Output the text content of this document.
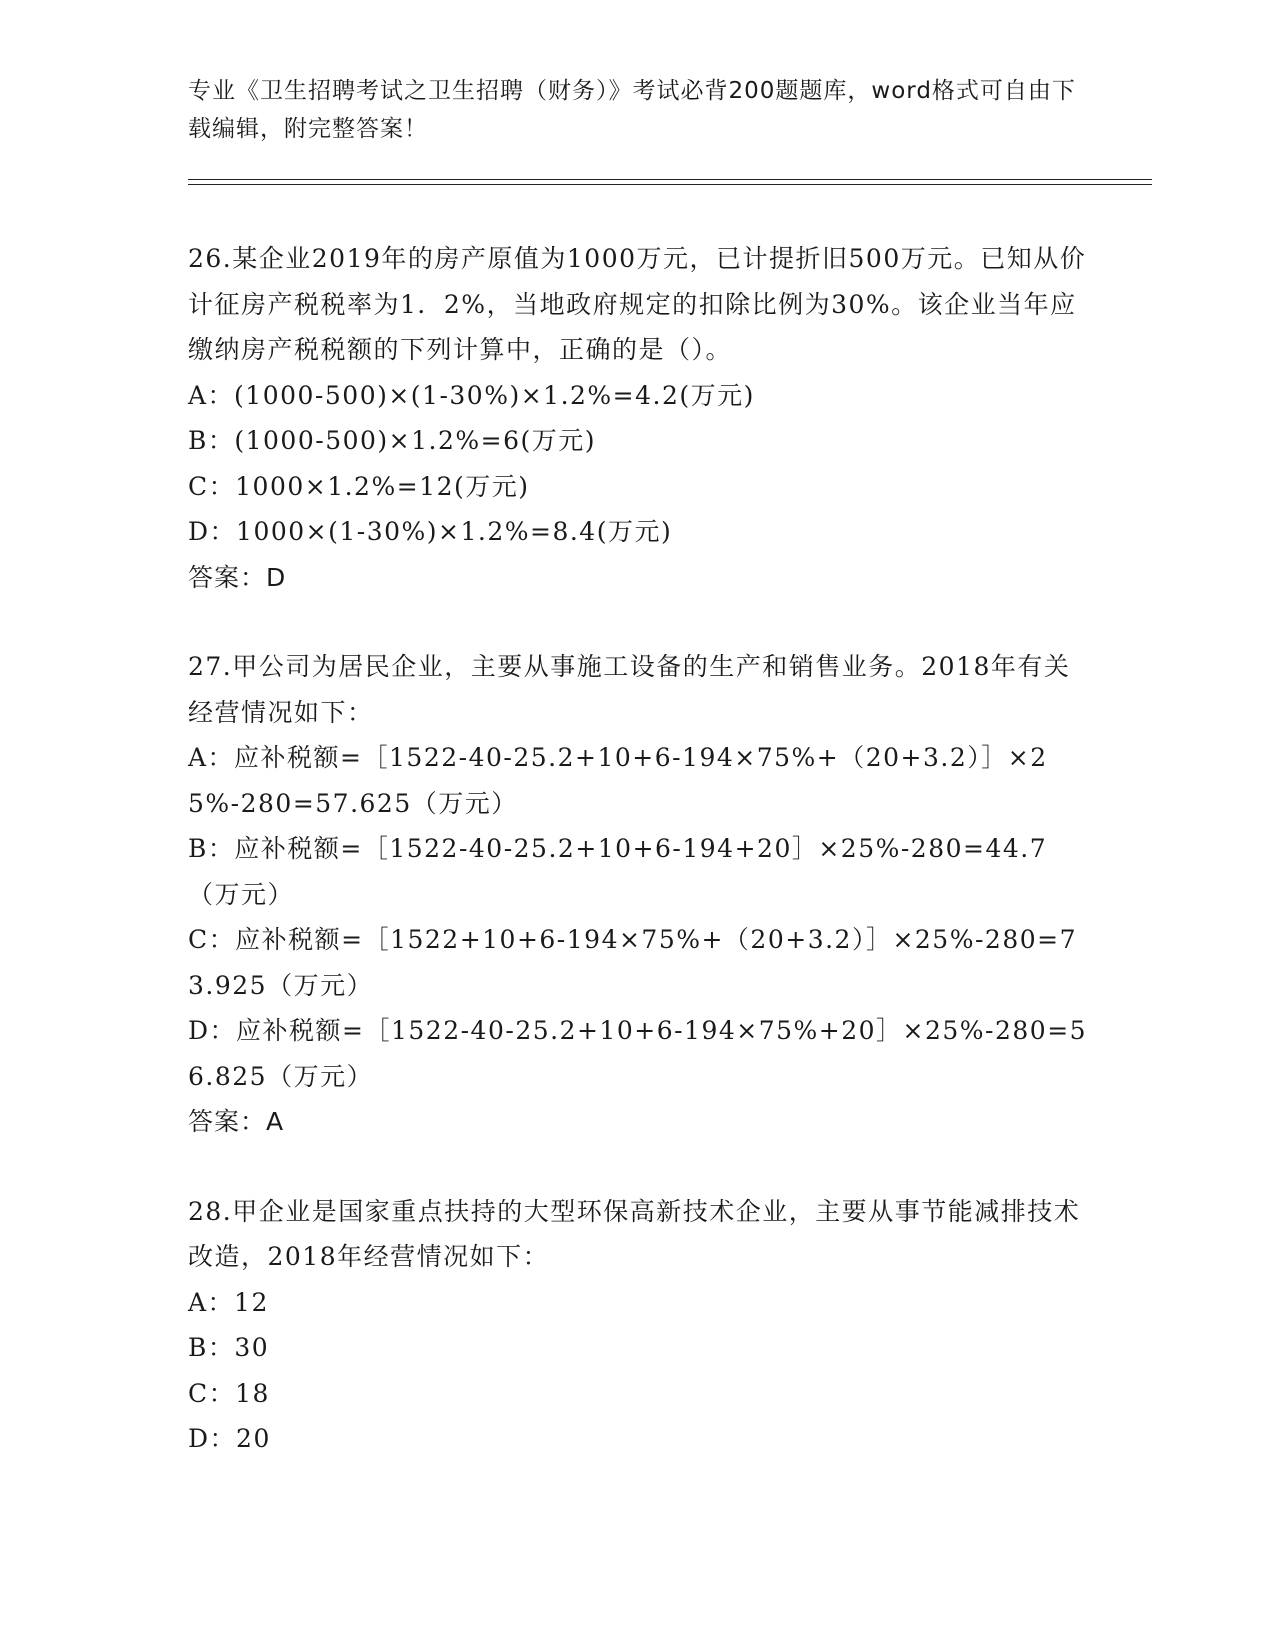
专业《卫生招聘考试之卫生招聘（财务）》考试必背200题题库，word格式可自由下载编辑，附完整答案！
26.某企业2019年的房产原值为1000万元，已计提折旧500万元。已知从价计征房产税税率为1．2%，当地政府规定的扣除比例为30%。该企业当年应缴纳房产税税额的下列计算中，正确的是（）。
A：(1000-500)×(1-30%)×1.2%=4.2(万元)
B：(1000-500)×1.2%=6(万元)
C：1000×1.2%=12(万元)
D：1000×(1-30%)×1.2%=8.4(万元)
答案：D
27.甲公司为居民企业，主要从事施工设备的生产和销售业务。2018年有关经营情况如下：
A：应补税额=［1522-40-25.2+10+6-194×75%+（20+3.2）］×25%-280=57.625（万元）
B：应补税额=［1522-40-25.2+10+6-194+20］×25%-280=44.7（万元）
C：应补税额=［1522+10+6-194×75%+（20+3.2）］×25%-280=73.925（万元）
D：应补税额=［1522-40-25.2+10+6-194×75%+20］×25%-280=56.825（万元）
答案：A
28.甲企业是国家重点扶持的大型环保高新技术企业，主要从事节能减排技术改造，2018年经营情况如下：
A：12
B：30
C：18
D：20
